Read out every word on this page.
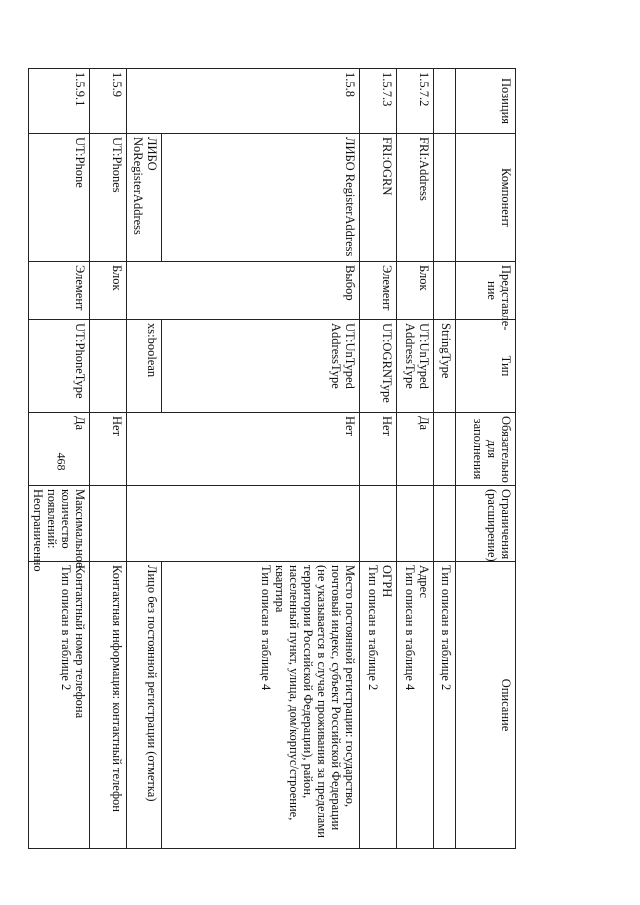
468
Позиция	Компонент	Представле-ние	Тип	Обязательно для заполнения	Ограничения (расширение)	Описание
			StringType			Тип описан в таблице 2
1.5.7.2	FRI:Address	Блок	UT:UnTyped AddressType	Да		Адрес
Тип описан в таблице 4
1.5.7.3	FRI:OGRN	Элемент	UT:OGRNType	Нет		ОГРН
Тип описан в таблице 2
1.5.8	ЛИБО RegisterAddress	Выбор	UT:UnTyped AddressType	Нет		Место постоянной регистрации: государство, почтовый индекс, субъект Российской Федерации (не указывается в случае проживания за пределами территории Российской Федерации), район, населенный пункт, улица, дом/корпус/строение, квартира
Тип описан в таблице 4
	ЛИБО NoRegisterAddress		xs:boolean			Лицо без постоянной регистрации (отметка)
1.5.9	UT:Phones	Блок		Нет		Контактная информация: контактный телефон
1.5.9.1	UT:Phone	Элемент	UT:PhoneType	Да	Максимальное количество появлений: Неограниченно	Контактный номер телефона
Тип описан в таблице 2
